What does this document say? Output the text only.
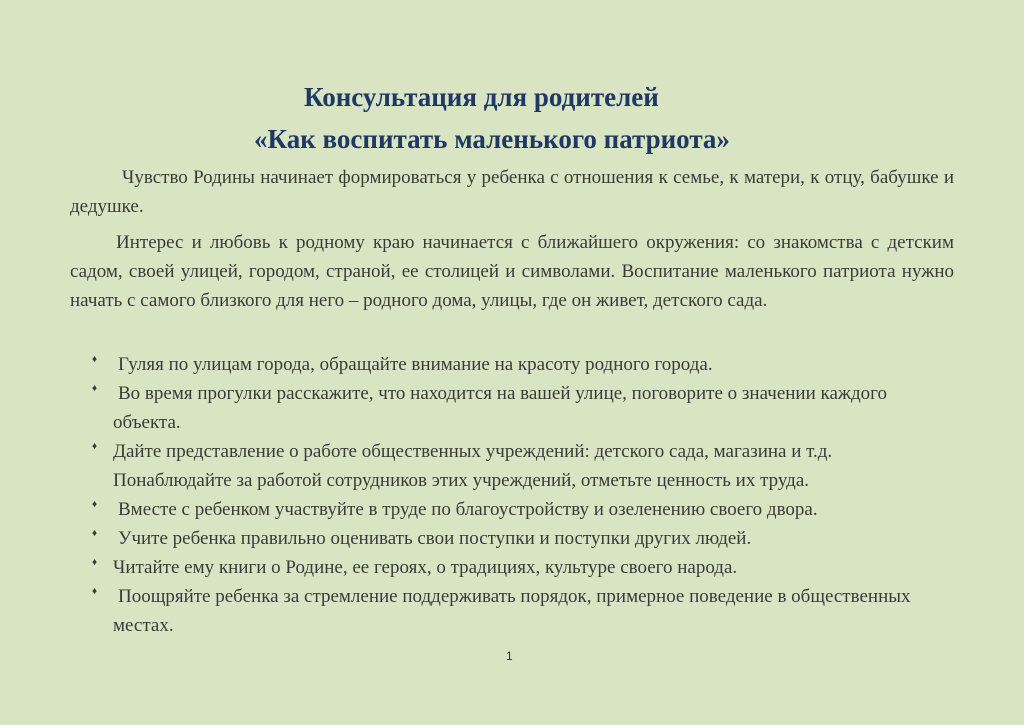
Консультация для родителей
«Как воспитать маленького патриота»

Чувство Родины начинает формироваться у ребенка с отношения к семье, к матери, к отцу, бабушке и дедушке.

Интерес и любовь к родному краю начинается с ближайшего окружения: со знакомства с детским садом, своей улицей, городом, страной, ее столицей и символами. Воспитание маленького патриота нужно начать с самого близкого для него – родного дома, улицы, где он живет, детского сада.

♦ Гуляя по улицам города, обращайте внимание на красоту родного города.
♦ Во время прогулки расскажите, что находится на вашей улице, поговорите о значении каждого объекта.
♦ Дайте представление о работе общественных учреждений: детского сада, магазина и т.д. Понаблюдайте за работой сотрудников этих учреждений, отметьте ценность их труда.
♦ Вместе с ребенком участвуйте в труде по благоустройству и озеленению своего двора.
♦ Учите ребенка правильно оценивать свои поступки и поступки других людей.
♦ Читайте ему книги о Родине, ее героях, о традициях, культуре своего народа.
♦ Поощряйте ребенка за стремление поддерживать порядок, примерное поведение в общественных местах.
1
